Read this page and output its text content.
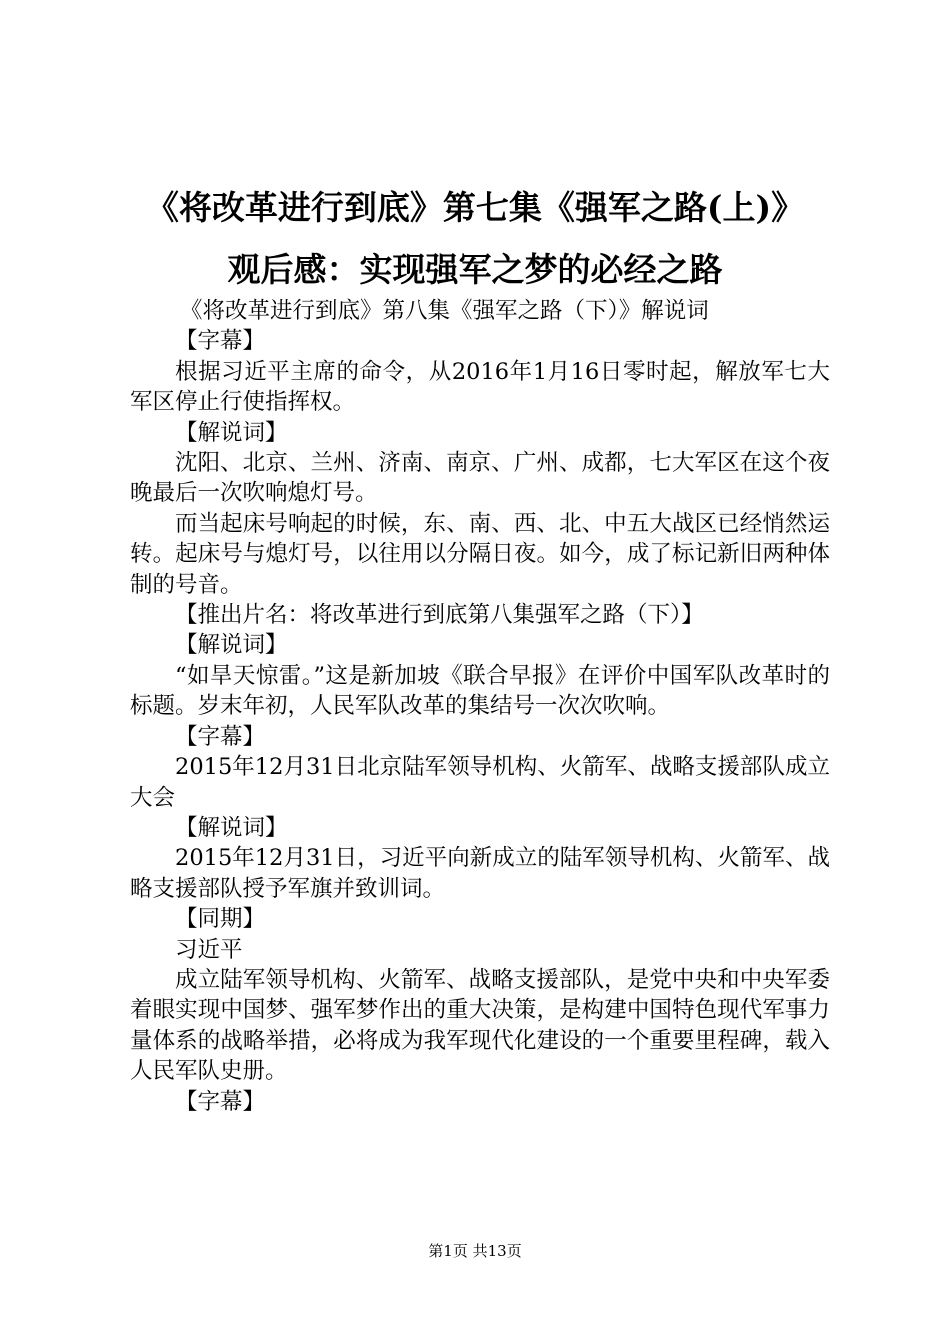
《将改革进行到底》第七集《强军之路(上)》
观后感：实现强军之梦的必经之路

《将改革进行到底》第八集《强军之路（下）》解说词

【字幕】

根据习近平主席的命令，从2016年1月16日零时起，解放军七大军区停止行使指挥权。

【解说词】

沈阳、北京、兰州、济南、南京、广州、成都，七大军区在这个夜晚最后一次吹响熄灯号。

而当起床号响起的时候，东、南、西、北、中五大战区已经悄然运转。起床号与熄灯号，以往用以分隔日夜。如今，成了标记新旧两种体制的号音。

【推出片名：将改革进行到底第八集强军之路（下）】

【解说词】

“如旱天惊雷。”这是新加坡《联合早报》在评价中国军队改革时的标题。岁末年初，人民军队改革的集结号一次次吹响。

【字幕】

2015年12月31日北京陆军领导机构、火箭军、战略支援部队成立大会

【解说词】

2015年12月31日，习近平向新成立的陆军领导机构、火箭军、战略支援部队授予军旗并致训词。

【同期】

习近平

成立陆军领导机构、火箭军、战略支援部队，是党中央和中央军委着眼实现中国梦、强军梦作出的重大决策，是构建中国特色现代军事力量体系的战略举措，必将成为我军现代化建设的一个重要里程碑，载入人民军队史册。

【字幕】

第1页 共13页
